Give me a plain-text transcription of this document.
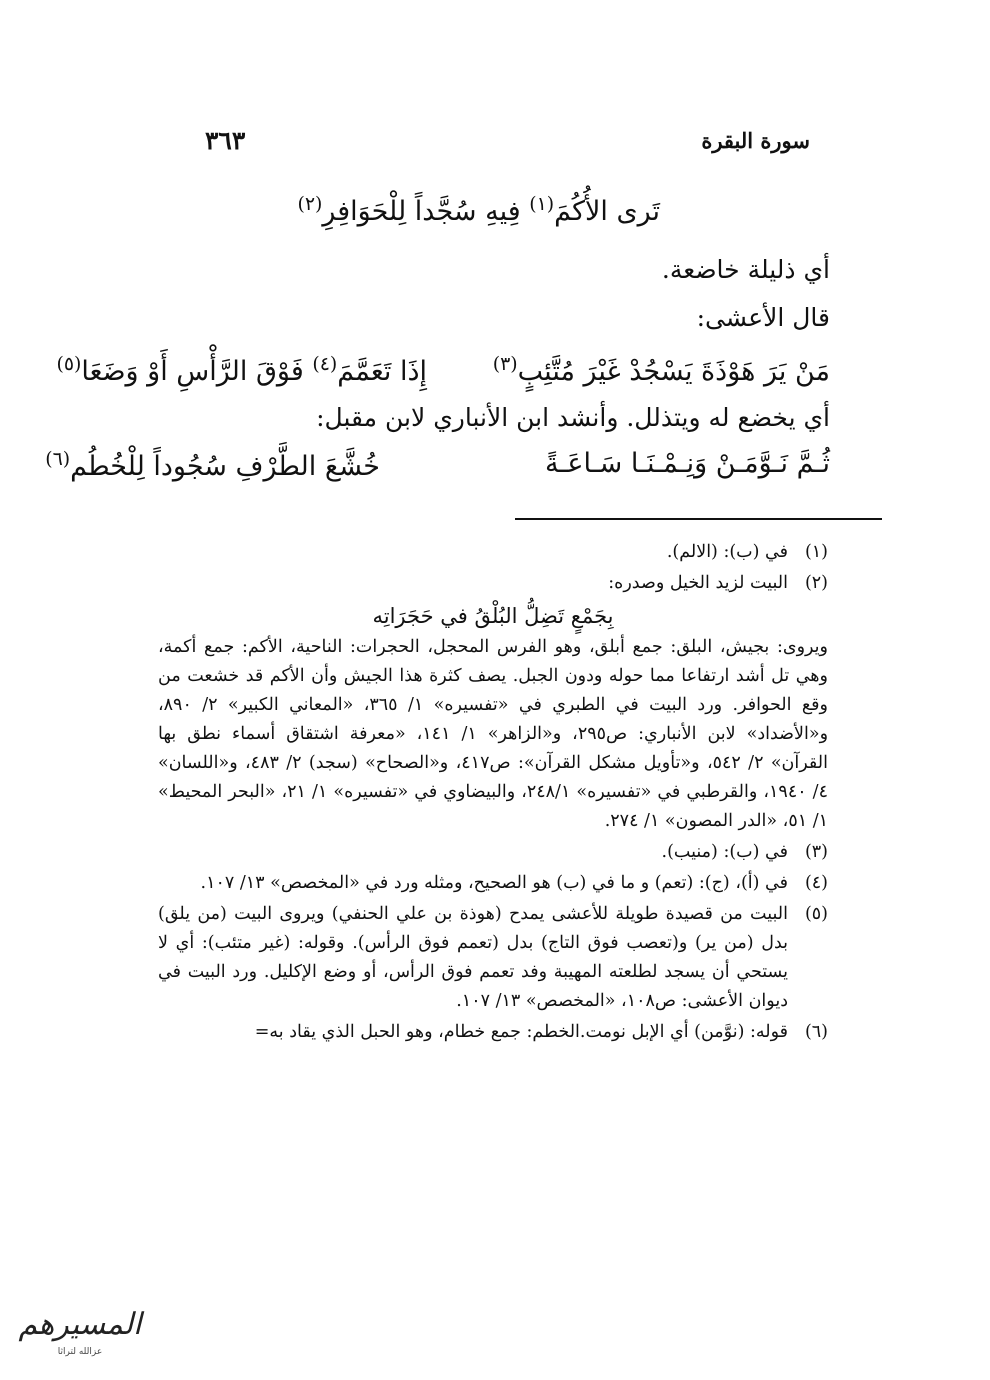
سورة البقرة
٣٦٣
تَرى الأُكُمَ$^{(١)}$ فِيهِ سُجَّداً لِلْحَوَافِرِ$^{(٢)}$
أي ذليلة خاضعة.
قال الأعشى:
مَنْ يَرَ هَوْذَةَ يَسْجُدْ غَيْرَ مُتَّئِبٍ$^{(٣)}$
إِذَا تَعَمَّمَ$^{(٤)}$ فَوْقَ الرَّأْسِ أَوْ وَضَعَا$^{(٥)}$
أي يخضع له ويتذلل. وأنشد ابن الأنباري لابن مقبل:
ثُـمَّ نَـوَّمَـنْ وَنِـمْـنَـا سَـاعَـةً
خُشَّعَ الطَّرْفِ سُجُوداً لِلْخُطُم$^{(٦)}$
(١)
في (ب): (الالم).
(٢)
البيت لزيد الخيل وصدره:
بِجَمْعٍ تَضِلُّ البُلْقُ في حَجَرَاتِه
ويروى: بجيش، البلق: جمع أبلق، وهو الفرس المحجل، الحجرات: الناحية، الأكم: جمع أكمة، وهي تل أشد ارتفاعا مما حوله ودون الجبل. يصف كثرة هذا الجيش وأن الأكم قد خشعت من وقع الحوافر. ورد البيت في الطبري في «تفسيره» ١/ ٣٦٥، «المعاني الكبير» ٢/ ٨٩٠، و«الأضداد» لابن الأنباري: ص٢٩٥، و«الزاهر» ١/ ١٤١، «معرفة اشتقاق أسماء نطق بها القرآن» ٢/ ٥٤٢، و«تأويل مشكل القرآن»: ص٤١٧، و«الصحاح» (سجد) ٢/ ٤٨٣، و«اللسان» ٤/ ١٩٤٠، والقرطبي في «تفسيره» ٢٤٨/١، والبيضاوي في «تفسيره» ١/ ٢١، «البحر المحيط» ١/ ٥١، «الدر المصون» ١/ ٢٧٤.
(٣)
في (ب): (منيب).
(٤)
في (أ)، (ج): (تعم) و ما في (ب) هو الصحيح، ومثله ورد في «المخصص» ١٣/ ١٠٧.
(٥)
البيت من قصيدة طويلة للأعشى يمدح (هوذة بن علي الحنفي) ويروى البيت (من يلق) بدل (من ير) و(تعصب فوق التاج) بدل (تعمم فوق الرأس). وقوله: (غير متئب): أي لا يستحي أن يسجد لطلعته المهيبة وفد تعمم فوق الرأس، أو وضع الإكليل. ورد البيت في ديوان الأعشى: ص١٠٨، «المخصص» ١٣/ ١٠٧.
(٦)
قوله: (نوَّمن) أي الإبل نومت.الخطم: جمع خطام، وهو الحبل الذي يقاد به=
المسيرهم
عزالله لتراثا
